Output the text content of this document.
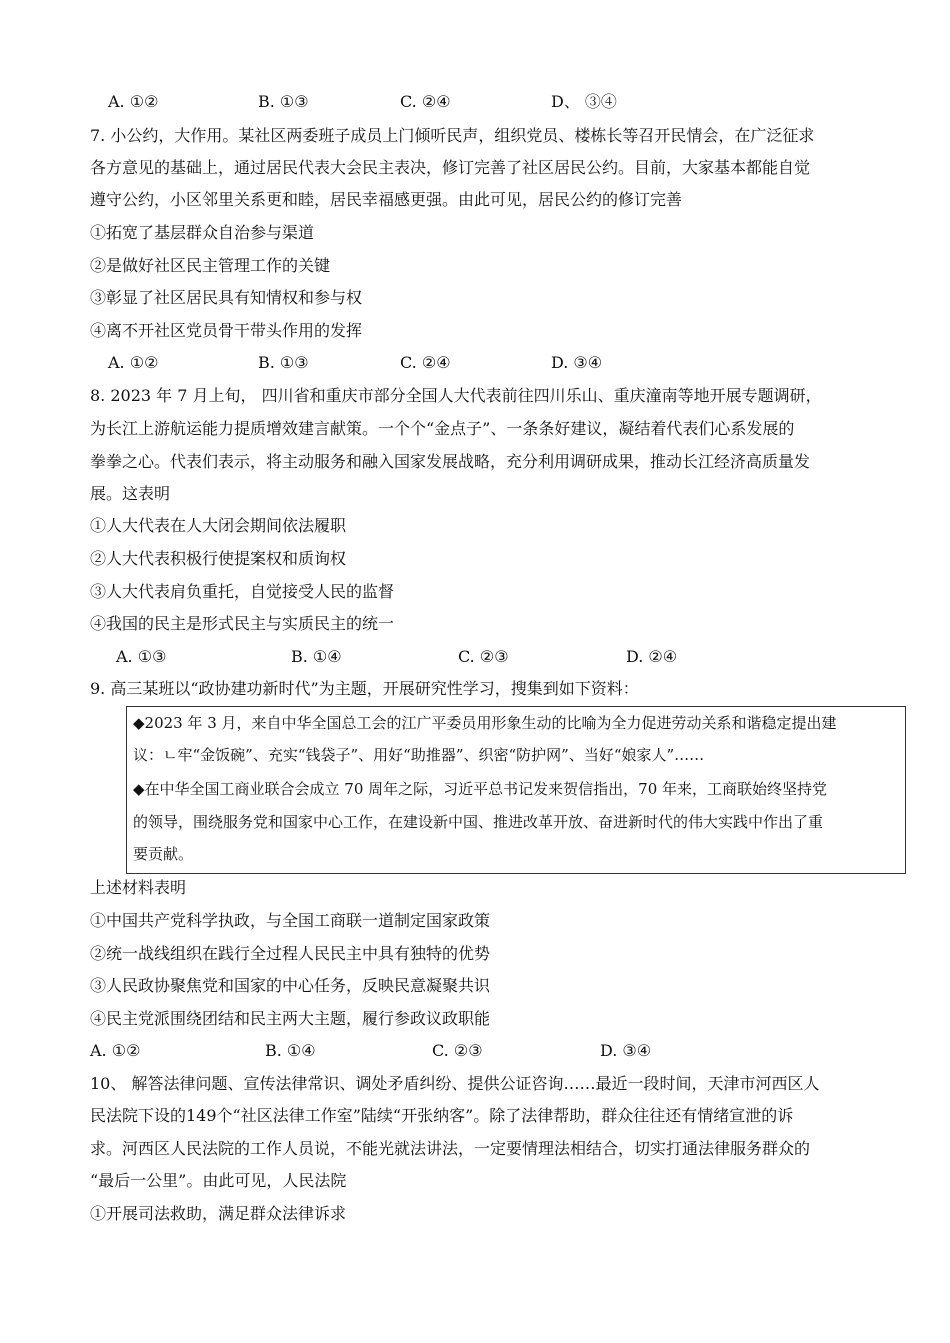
A. ①②	B. ①③	C. ②④	D、 ③④
7. 小公约，大作用。某社区两委班子成员上门倾听民声，组织党员、楼栋长等召开民情会，在广泛征求
各方意见的基础上，通过居民代表大会民主表决，修订完善了社区居民公约。目前，大家基本都能自觉
遵守公约，小区邻里关系更和睦，居民幸福感更强。由此可见，居民公约的修订完善
①拓宽了基层群众自治参与渠道
②是做好社区民主管理工作的关键
③彰显了社区居民具有知情权和参与权
④离不开社区党员骨干带头作用的发挥
A. ①②	B. ①③	C. ②④	D. ③④
8. 2023 年 7 月上旬， 四川省和重庆市部分全国人大代表前往四川乐山、重庆潼南等地开展专题调研，
为长江上游航运能力提质增效建言献策。一个个“金点子”、一条条好建议，凝结着代表们心系发展的
拳拳之心。代表们表示，将主动服务和融入国家发展战略，充分利用调研成果，推动长江经济高质量发
展。这表明
①人大代表在人大闭会期间依法履职
②人大代表积极行使提案权和质询权
③人大代表肩负重托，自觉接受人民的监督
④我国的民主是形式民主与实质民主的统一
A. ①③	B. ①④	C. ②③	D. ②④
9. 高三某班以“政协建功新时代”为主题，开展研究性学习，搜集到如下资料：
◆2023 年 3 月，来自中华全国总工会的江广平委员用形象生动的比喻为全力促进劳动关系和谐稳定提出建
议：ㄴ牢“金饭碗”、充实“钱袋子”、用好“助推器”、织密“防护网”、当好“娘家人”……
◆在中华全国工商业联合会成立 70 周年之际，习近平总书记发来贺信指出，70 年来，工商联始终坚持党
的领导，围绕服务党和国家中心工作，在建设新中国、推进改革开放、奋进新时代的伟大实践中作出了重
要贡献。
上述材料表明
①中国共产党科学执政，与全国工商联一道制定国家政策
②统一战线组织在践行全过程人民民主中具有独特的优势
③人民政协聚焦党和国家的中心任务，反映民意凝聚共识
④民主党派围绕团结和民主两大主题，履行参政议政职能
A. ①②	B. ①④	C. ②③	D. ③④
10、 解答法律问题、宣传法律常识、调处矛盾纠纷、提供公证咨询……最近一段时间，天津市河西区人
民法院下设的149个“社区法律工作室”陆续“开张纳客”。除了法律帮助，群众往往还有情绪宣泄的诉
求。河西区人民法院的工作人员说，不能光就法讲法，一定要情理法相结合，切实打通法律服务群众的
“最后一公里”。由此可见，人民法院
①开展司法救助，满足群众法律诉求
